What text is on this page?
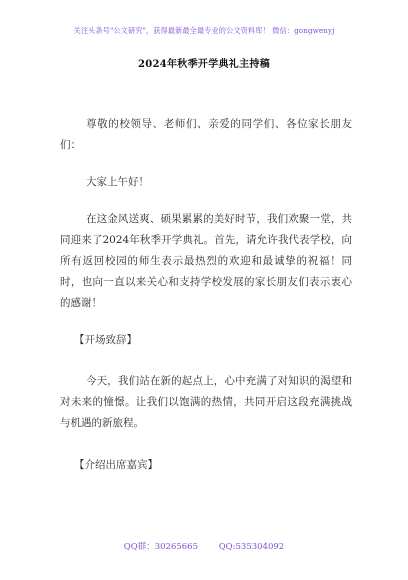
关注头条号"公文研究"，获得最新最全最专业的公文资料库！ 微信：gongwenyj
2024年秋季开学典礼主持稿

尊敬的校领导、老师们、亲爱的同学们、各位家长朋友们：

大家上午好！

在这金风送爽、硕果累累的美好时节，我们欢聚一堂，共同迎来了2024年秋季开学典礼。首先，请允许我代表学校，向所有返回校园的师生表示最热烈的欢迎和最诚挚的祝福！同时，也向一直以来关心和支持学校发展的家长朋友们表示衷心的感谢！

【开场致辞】

今天，我们站在新的起点上，心中充满了对知识的渴望和对未来的憧憬。让我们以饱满的热情，共同开启这段充满挑战与机遇的新旅程。

【介绍出席嘉宾】

QQ群：30265665 QQ:535304092
